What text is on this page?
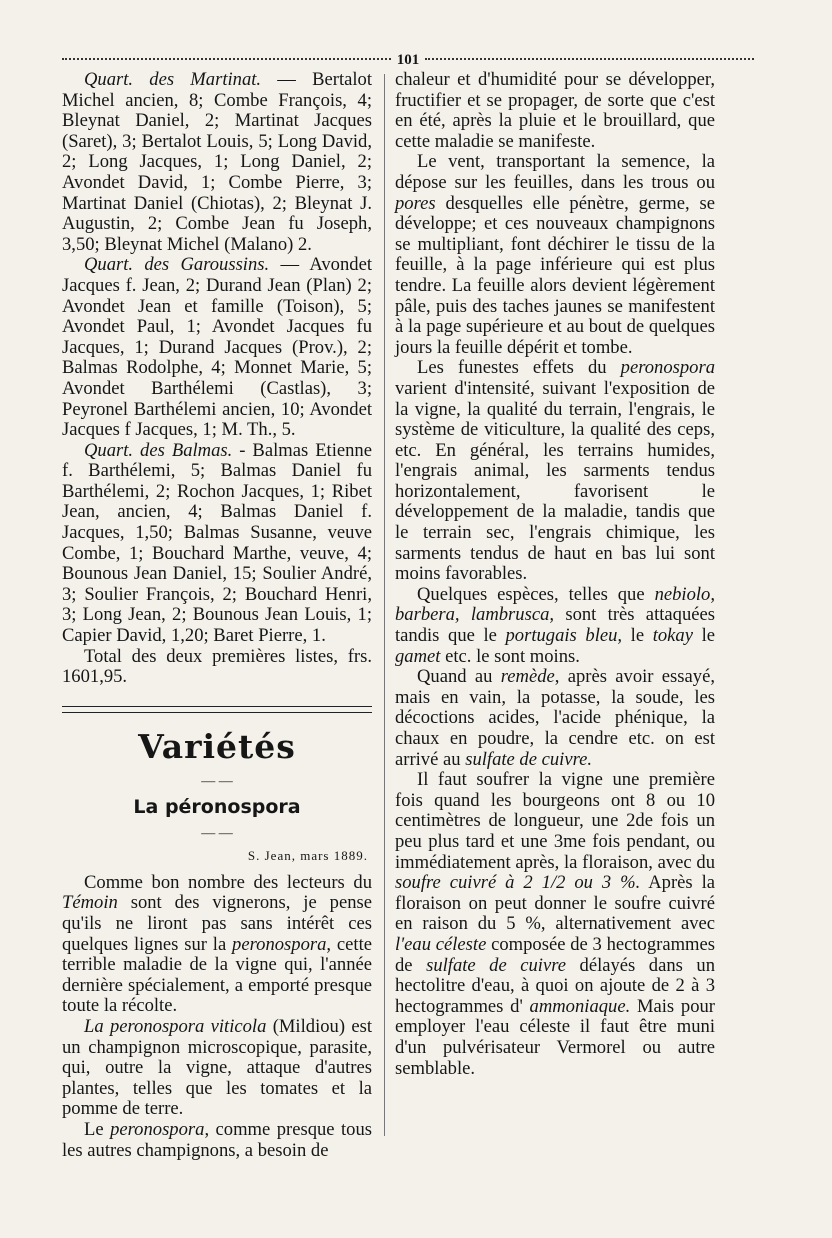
101

Quart. des Martinat. — Bertalot Michel ancien, 8; Combe François, 4; Bleynat Daniel, 2; Martinat Jacques (Saret), 3; Bertalot Louis, 5; Long David, 2; Long Jacques, 1; Long Daniel, 2; Avondet David, 1; Combe Pierre, 3; Martinat Daniel (Chiotas), 2; Bleynat J. Augustin, 2; Combe Jean fu Joseph, 3,50; Bleynat Michel (Malano) 2.

Quart. des Garoussins. — Avondet Jacques f. Jean, 2; Durand Jean (Plan) 2; Avondet Jean et famille (Toison), 5; Avondet Paul, 1; Avondet Jacques fu Jacques, 1; Durand Jacques (Prov.), 2; Balmas Rodolphe, 4; Monnet Marie, 5; Avondet Barthélemi (Castlas), 3; Peyronel Barthélemi ancien, 10; Avondet Jacques f Jacques, 1; M. Th., 5.

Quart. des Balmas. - Balmas Etienne f. Barthélemi, 5; Balmas Daniel fu Barthélemi, 2; Rochon Jacques, 1; Ribet Jean, ancien, 4; Balmas Daniel f. Jacques, 1,50; Balmas Susanne, veuve Combe, 1; Bouchard Marthe, veuve, 4; Bounous Jean Daniel, 15; Soulier André, 3; Soulier François, 2; Bouchard Henri, 3; Long Jean, 2; Bounous Jean Louis, 1; Capier David, 1,20; Baret Pierre, 1.

Total des deux premières listes, frs. 1601,95.

Variétés

— —

La péronospora

— —

S. Jean, mars 1889.

Comme bon nombre des lecteurs du Témoin sont des vignerons, je pense qu'ils ne liront pas sans intérêt ces quelques lignes sur la peronospora, cette terrible maladie de la vigne qui, l'année dernière spécialement, a emporté presque toute la récolte.

La peronospora viticola (Mildiou) est un champignon microscopique, parasite, qui, outre la vigne, attaque d'autres plantes, telles que les tomates et la pomme de terre.

Le peronospora, comme presque tous les autres champignons, a besoin de

chaleur et d'humidité pour se développer, fructifier et se propager, de sorte que c'est en été, après la pluie et le brouillard, que cette maladie se manifeste.

Le vent, transportant la semence, la dépose sur les feuilles, dans les trous ou pores desquelles elle pénètre, germe, se développe; et ces nouveaux champignons se multipliant, font déchirer le tissu de la feuille, à la page inférieure qui est plus tendre. La feuille alors devient légèrement pâle, puis des taches jaunes se manifestent à la page supérieure et au bout de quelques jours la feuille dépérit et tombe.

Les funestes effets du peronospora varient d'intensité, suivant l'exposition de la vigne, la qualité du terrain, l'engrais, le système de viticulture, la qualité des ceps, etc. En général, les terrains humides, l'engrais animal, les sarments tendus horizontalement, favorisent le développement de la maladie, tandis que le terrain sec, l'engrais chimique, les sarments tendus de haut en bas lui sont moins favorables.

Quelques espèces, telles que nebiolo, barbera, lambrusca, sont très attaquées tandis que le portugais bleu, le tokay le gamet etc. le sont moins.

Quand au remède, après avoir essayé, mais en vain, la potasse, la soude, les décoctions acides, l'acide phénique, la chaux en poudre, la cendre etc. on est arrivé au sulfate de cuivre.

Il faut soufrer la vigne une première fois quand les bourgeons ont 8 ou 10 centimètres de longueur, une 2de fois un peu plus tard et une 3me fois pendant, ou immédiatement après, la floraison, avec du soufre cuivré à 2 1/2 ou 3 %. Après la floraison on peut donner le soufre cuivré en raison du 5 %, alternativement avec l'eau céleste composée de 3 hectogrammes de sulfate de cuivre délayés dans un hectolitre d'eau, à quoi on ajoute de 2 à 3 hectogrammes d' ammoniaque. Mais pour employer l'eau céleste il faut être muni d'un pulvérisateur Vermorel ou autre semblable.
